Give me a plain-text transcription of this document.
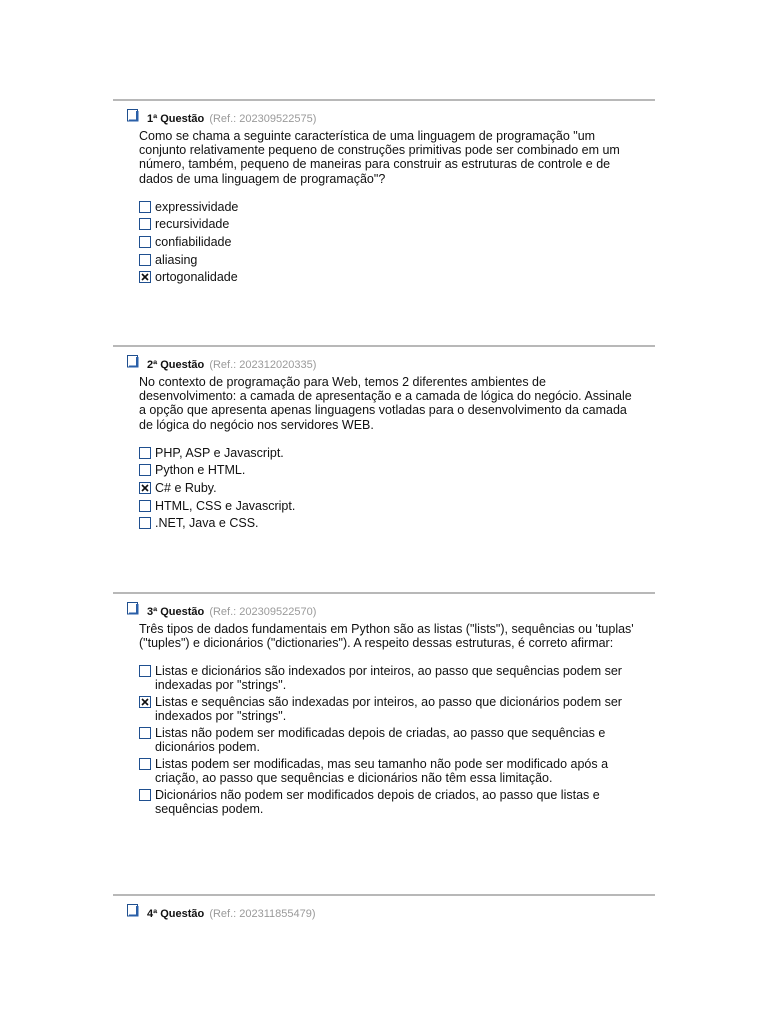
1ª Questão (Ref.: 202309522575)
Como se chama a seguinte característica de uma linguagem de programação "um conjunto relativamente pequeno de construções primitivas pode ser combinado em um número, também, pequeno de maneiras para construir as estruturas de controle e de dados de uma linguagem de programação"?
expressividade
recursividade
confiabilidade
aliasing
ortogonalidade
2ª Questão (Ref.: 202312020335)
No contexto de programação para Web, temos 2 diferentes ambientes de desenvolvimento: a camada de apresentação e a camada de lógica do negócio. Assinale a opção que apresenta apenas linguagens votladas para o desenvolvimento da camada de lógica do negócio nos servidores WEB.
PHP, ASP e Javascript.
Python e HTML.
C# e Ruby.
HTML, CSS e Javascript.
.NET, Java e CSS.
3ª Questão (Ref.: 202309522570)
Três tipos de dados fundamentais em Python são as listas ("lists"), sequências ou 'tuplas' ("tuples") e dicionários ("dictionaries"). A respeito dessas estruturas, é correto afirmar:
Listas e dicionários são indexados por inteiros, ao passo que sequências podem ser indexadas por "strings".
Listas e sequências são indexadas por inteiros, ao passo que dicionários podem ser indexados por "strings".
Listas não podem ser modificadas depois de criadas, ao passo que sequências e dicionários podem.
Listas podem ser modificadas, mas seu tamanho não pode ser modificado após a criação, ao passo que sequências e dicionários não têm essa limitação.
Dicionários não podem ser modificados depois de criados, ao passo que listas e sequências podem.
4ª Questão (Ref.: 202311855479)
